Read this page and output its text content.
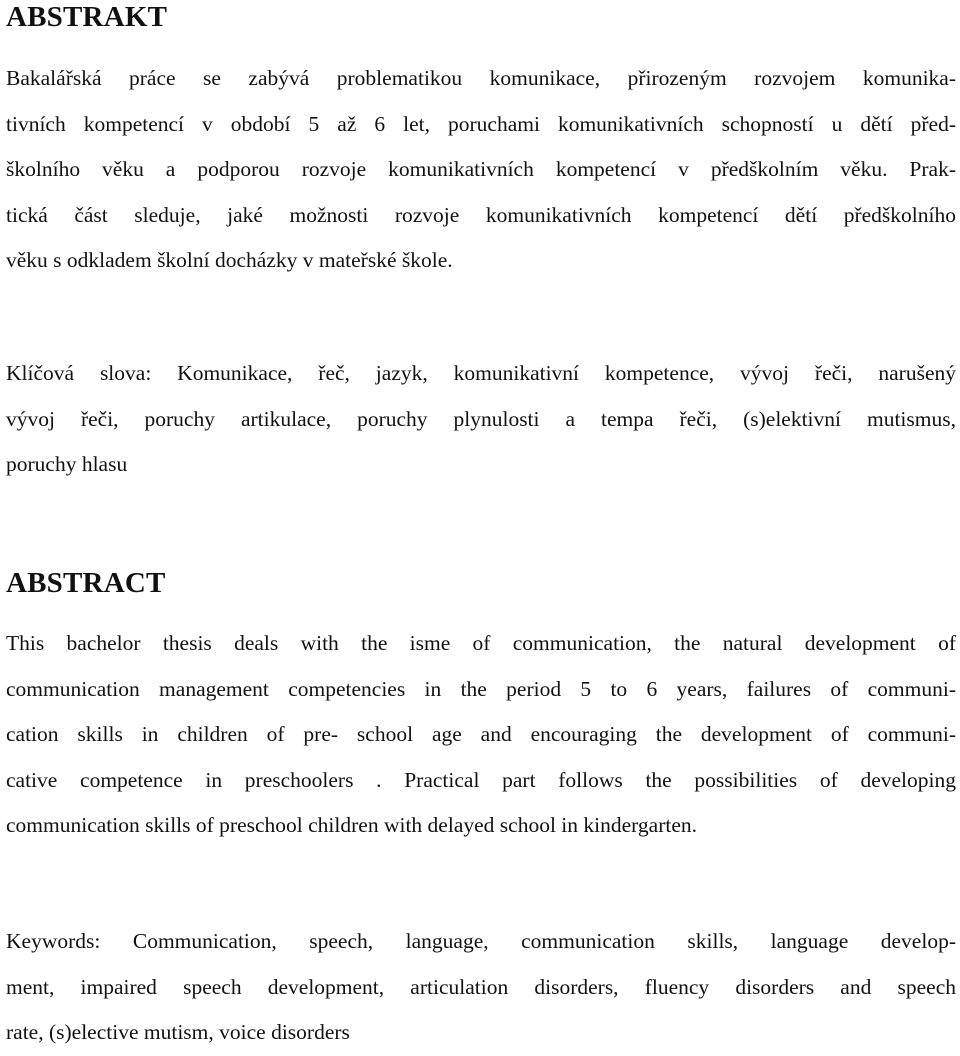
ABSTRAKT
Bakalářská práce se zabývá problematikou komunikace, přirozeným rozvojem komunika-
tivních kompetencí v období 5 až 6 let, poruchami komunikativních schopností u dětí před-
školního věku a podporou rozvoje komunikativních kompetencí v předškolním věku. Prak-
tická část sleduje, jaké možnosti rozvoje komunikativních kompetencí dětí předškolního
věku s odkladem školní docházky v mateřské škole.
Klíčová slova: Komunikace, řeč, jazyk, komunikativní kompetence, vývoj řeči, narušený
vývoj řeči, poruchy artikulace, poruchy plynulosti a tempa řeči, (s)elektivní mutismus,
poruchy hlasu
ABSTRACT
This bachelor thesis deals with the isme of communication, the natural development of
communication management competencies in the period 5 to 6 years, failures of communi-
cation skills in children of pre- school age and encouraging the development of communi-
cative competence in preschoolers . Practical part follows the possibilities of developing
communication skills of preschool children with delayed school in kindergarten.
Keywords: Communication, speech, language, communication skills, language develop-
ment, impaired speech development, articulation disorders, fluency disorders and speech
rate, (s)elective mutism, voice disorders
